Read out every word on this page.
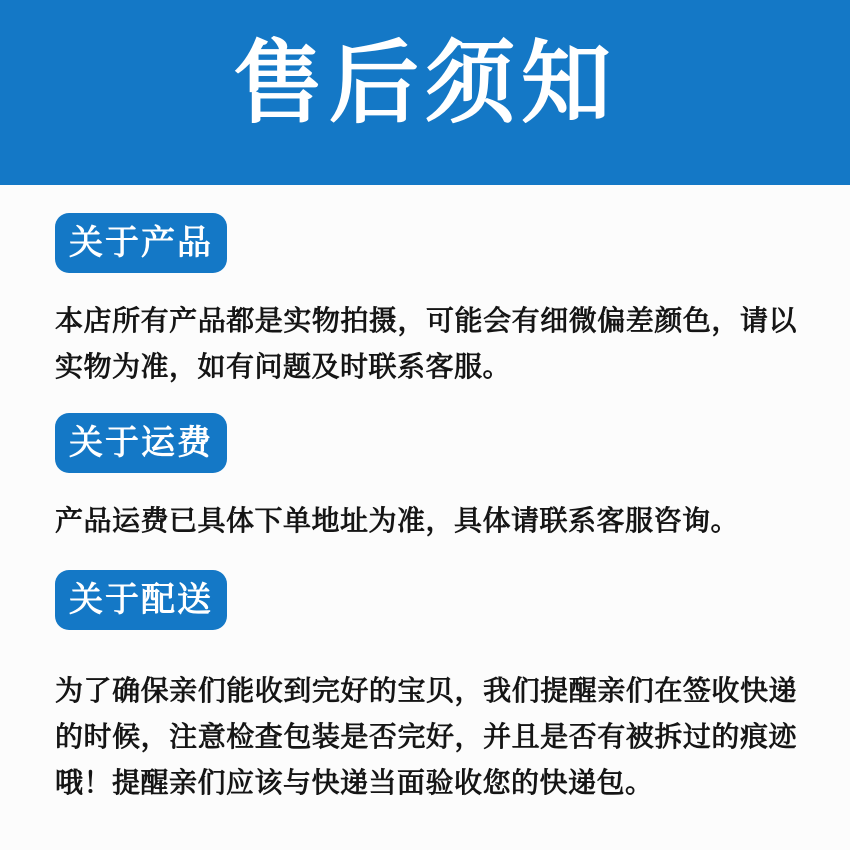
售后须知
关于产品

本店所有产品都是实物拍摄，可能会有细微偏差颜色，请以实物为准，如有问题及时联系客服。

关于运费

产品运费已具体下单地址为准，具体请联系客服咨询。

关于配送

为了确保亲们能收到完好的宝贝，我们提醒亲们在签收快递的时候，注意检查包装是否完好，并且是否有被拆过的痕迹哦！提醒亲们应该与快递当面验收您的快递包。
